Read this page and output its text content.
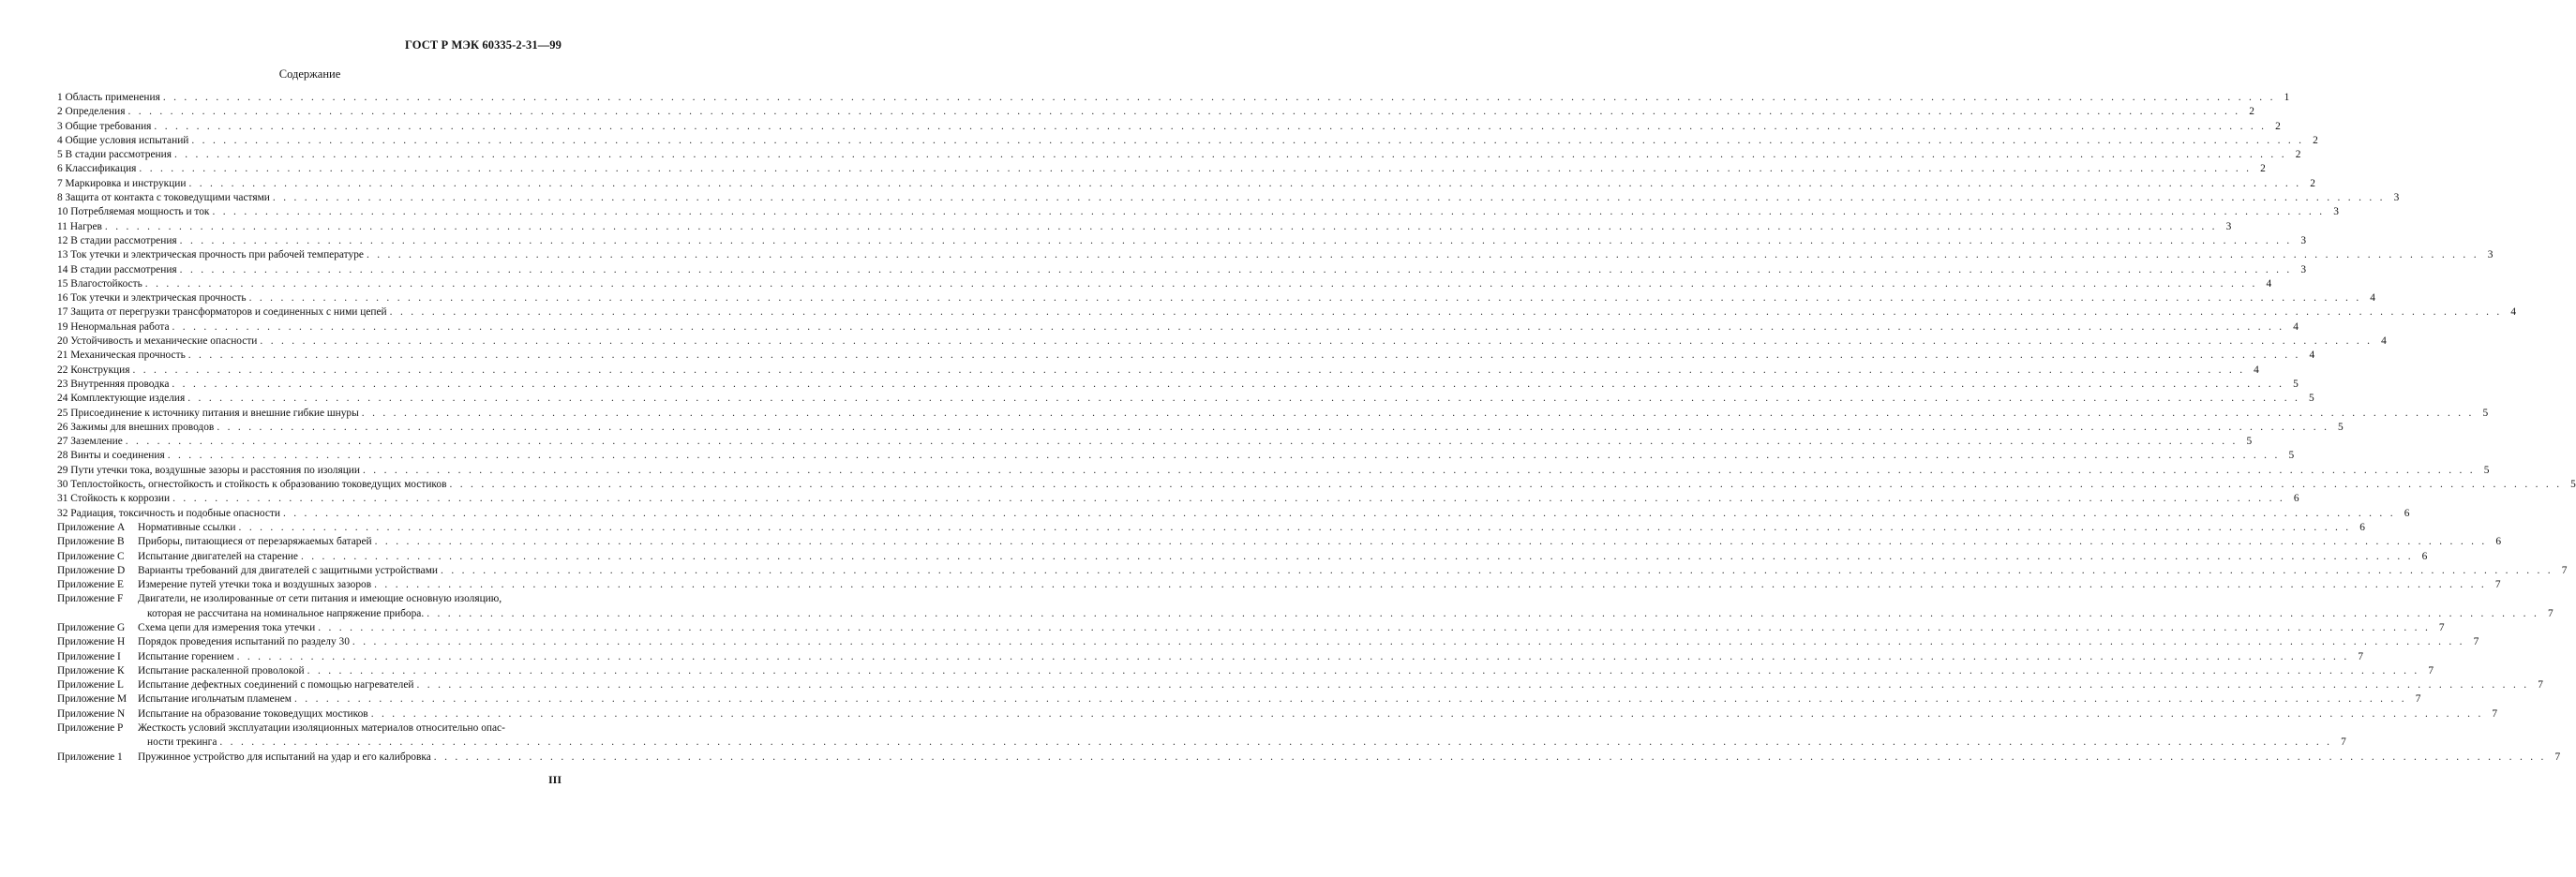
ГОСТ Р МЭК 60335-2-31—99
Содержание
1 Область применения . . . . . . . . . . . . . . . . . . . . . . . . . . . . . . . . . . . . . . . . . . . . . . . . . . . . . . . . . . . . . . . . . . . . . . . . . . . . . . . . . . . . . . . . . . . . . . . . . . . . . . . . . . . . . . . . . . . . . . . . . . . . . . . . . . . . . . . . . . . . . . . . . . . . . . . . . . . . . . . . . . . . . . . . . . . . . . . . . . . . . . . . . . . . . . . . . . . . . . . . 1
2 Определения . . . . . . . . . . . . . . . . . . . . . . . . . . . . . . . . . . . . . . . . . . . . . . . . . . . . . . . . . . . . . . . . . . . . . . . . . . . . . . . . . . . . . . . . . . . . . . . . . . . . . . . . . . . . . . . . . . . . . . . . . . . . . . . . . . . . . . . . . . . . . . . . . . . . . . . . . . . . . . . . . . . . . . . . . . . . . . . . . . . . . . . . . . . . . . . . . . . . . . . . 2
3 Общие требования . . . . . . . . . . . . . . . . . . . . . . . . . . . . . . . . . . . . . . . . . . . . . . . . . . . . . . . . . . . . . . . . . . . . . . . . . . . . . . . . . . . . . . . . . . . . . . . . . . . . . . . . . . . . . . . . . . . . . . . . . . . . . . . . . . . . . . . . . . . . . . . . . . . . . . . . . . . . . . . . . . . . . . . . . . . . . . . . . . . . . . . . . . . . . . . . . . . . . . . . 2
4 Общие условия испытаний . . . . . . . . . . . . . . . . . . . . . . . . . . . . . . . . . . . . . . . . . . . . . . . . . . . . . . . . . . . . . . . . . . . . . . . . . . . . . . . . . . . . . . . . . . . . . . . . . . . . . . . . . . . . . . . . . . . . . . . . . . . . . . . . . . . . . . . . . . . . . . . . . . . . . . . . . . . . . . . . . . . . . . . . . . . . . . . . . . . . . . . . . . . . . . . . . . . . . . . . 2
5 В стадии рассмотрения . . . . . . . . . . . . . . . . . . . . . . . . . . . . . . . . . . . . . . . . . . . . . . . . . . . . . . . . . . . . . . . . . . . . . . . . . . . . . . . . . . . . . . . . . . . . . . . . . . . . . . . . . . . . . . . . . . . . . . . . . . . . . . . . . . . . . . . . . . . . . . . . . . . . . . . . . . . . . . . . . . . . . . . . . . . . . . . . . . . . . . . . . . . . . . . . . . . . . . . . 2
6 Классификация . . . . . . . . . . . . . . . . . . . . . . . . . . . . . . . . . . . . . . . . . . . . . . . . . . . . . . . . . . . . . . . . . . . . . . . . . . . . . . . . . . . . . . . . . . . . . . . . . . . . . . . . . . . . . . . . . . . . . . . . . . . . . . . . . . . . . . . . . . . . . . . . . . . . . . . . . . . . . . . . . . . . . . . . . . . . . . . . . . . . . . . . . . . . . . . . . . . . . . . . 2
7 Маркировка и инструкции . . . . . . . . . . . . . . . . . . . . . . . . . . . . . . . . . . . . . . . . . . . . . . . . . . . . . . . . . . . . . . . . . . . . . . . . . . . . . . . . . . . . . . . . . . . . . . . . . . . . . . . . . . . . . . . . . . . . . . . . . . . . . . . . . . . . . . . . . . . . . . . . . . . . . . . . . . . . . . . . . . . . . . . . . . . . . . . . . . . . . . . . . . . . . . . . . . . . . . . . 2
8 Защита от контакта с токоведущими частями . . . . . . . . . . . . . . . . . . . . . . . . . . . . . . . . . . . . . . . . . . . . . . . . . . . . . . . . . . . . . . . . . . . . . . . . . . . . . . . . . . . . . . . . . . . . . . . . . . . . . . . . . . . . . . . . . . . . . . . . . . . . . . . . . . . . . . . . . . . . . . . . . . . . . . . . . . . . . . . . . . . . . . . . . . . . . . . . . . . . . . . . . . . . . . . . . . . . . . . . 3
10 Потребляемая мощность и ток . . . . . . . . . . . . . . . . . . . . . . . . . . . . . . . . . . . . . . . . . . . . . . . . . . . . . . . . . . . . . . . . . . . . . . . . . . . . . . . . . . . . . . . . . . . . . . . . . . . . . . . . . . . . . . . . . . . . . . . . . . . . . . . . . . . . . . . . . . . . . . . . . . . . . . . . . . . . . . . . . . . . . . . . . . . . . . . . . . . . . . . . . . . . . . . . . . . . . . . . 3
11 Нагрев . . . . . . . . . . . . . . . . . . . . . . . . . . . . . . . . . . . . . . . . . . . . . . . . . . . . . . . . . . . . . . . . . . . . . . . . . . . . . . . . . . . . . . . . . . . . . . . . . . . . . . . . . . . . . . . . . . . . . . . . . . . . . . . . . . . . . . . . . . . . . . . . . . . . . . . . . . . . . . . . . . . . . . . . . . . . . . . . . . . . . . . . . . . . . . . . . . . . . . . . 3
12 В стадии рассмотрения . . . . . . . . . . . . . . . . . . . . . . . . . . . . . . . . . . . . . . . . . . . . . . . . . . . . . . . . . . . . . . . . . . . . . . . . . . . . . . . . . . . . . . . . . . . . . . . . . . . . . . . . . . . . . . . . . . . . . . . . . . . . . . . . . . . . . . . . . . . . . . . . . . . . . . . . . . . . . . . . . . . . . . . . . . . . . . . . . . . . . . . . . . . . . . . . . . . . . . . . 3
13 Ток утечки и электрическая прочность при рабочей температуре . . . . . . . . . . . . . . . . . . . . . . . . . . . . . . . . . . . . . . . . . . . . . . . . . . . . . . . . . . . . . . . . . . . . . . . . . . . . . . . . . . . . . . . . . . . . . . . . . . . . . . . . . . . . . . . . . . . . . . . . . . . . . . . . . . . . . . . . . . . . . . . . . . . . . . . . . . . . . . . . . . . . . . . . . . . . . . . . . . . . . . . . . . . . . . . . . . . . . . . . 3
14 В стадии рассмотрения . . . . . . . . . . . . . . . . . . . . . . . . . . . . . . . . . . . . . . . . . . . . . . . . . . . . . . . . . . . . . . . . . . . . . . . . . . . . . . . . . . . . . . . . . . . . . . . . . . . . . . . . . . . . . . . . . . . . . . . . . . . . . . . . . . . . . . . . . . . . . . . . . . . . . . . . . . . . . . . . . . . . . . . . . . . . . . . . . . . . . . . . . . . . . . . . . . . . . . . . 3
15 Влагостойкость . . . . . . . . . . . . . . . . . . . . . . . . . . . . . . . . . . . . . . . . . . . . . . . . . . . . . . . . . . . . . . . . . . . . . . . . . . . . . . . . . . . . . . . . . . . . . . . . . . . . . . . . . . . . . . . . . . . . . . . . . . . . . . . . . . . . . . . . . . . . . . . . . . . . . . . . . . . . . . . . . . . . . . . . . . . . . . . . . . . . . . . . . . . . . . . . . . . . . . . . 4
16 Ток утечки и электрическая прочность . . . . . . . . . . . . . . . . . . . . . . . . . . . . . . . . . . . . . . . . . . . . . . . . . . . . . . . . . . . . . . . . . . . . . . . . . . . . . . . . . . . . . . . . . . . . . . . . . . . . . . . . . . . . . . . . . . . . . . . . . . . . . . . . . . . . . . . . . . . . . . . . . . . . . . . . . . . . . . . . . . . . . . . . . . . . . . . . . . . . . . . . . . . . . . . . . . . . . . . . 4
17 Защита от перегрузки трансформаторов и соединенных с ними цепей . . . . . . . . . . . . . . . . . . . . . . . . . . . . . . . . . . . . . . . . . . . . . . . . . . . . . . . . . . . . . . . . . . . . . . . . . . . . . . . . . . . . . . . . . . . . . . . . . . . . . . . . . . . . . . . . . . . . . . . . . . . . . . . . . . . . . . . . . . . . . . . . . . . . . . . . . . . . . . . . . . . . . . . . . . . . . . . . . . . . . . . . . . . . . . . . . . . . . . . . 4
19 Ненормальная работа . . . . . . . . . . . . . . . . . . . . . . . . . . . . . . . . . . . . . . . . . . . . . . . . . . . . . . . . . . . . . . . . . . . . . . . . . . . . . . . . . . . . . . . . . . . . . . . . . . . . . . . . . . . . . . . . . . . . . . . . . . . . . . . . . . . . . . . . . . . . . . . . . . . . . . . . . . . . . . . . . . . . . . . . . . . . . . . . . . . . . . . . . . . . . . . . . . . . . . . . 4
20 Устойчивость и механические опасности . . . . . . . . . . . . . . . . . . . . . . . . . . . . . . . . . . . . . . . . . . . . . . . . . . . . . . . . . . . . . . . . . . . . . . . . . . . . . . . . . . . . . . . . . . . . . . . . . . . . . . . . . . . . . . . . . . . . . . . . . . . . . . . . . . . . . . . . . . . . . . . . . . . . . . . . . . . . . . . . . . . . . . . . . . . . . . . . . . . . . . . . . . . . . . . . . . . . . . . . 4
21 Механическая прочность . . . . . . . . . . . . . . . . . . . . . . . . . . . . . . . . . . . . . . . . . . . . . . . . . . . . . . . . . . . . . . . . . . . . . . . . . . . . . . . . . . . . . . . . . . . . . . . . . . . . . . . . . . . . . . . . . . . . . . . . . . . . . . . . . . . . . . . . . . . . . . . . . . . . . . . . . . . . . . . . . . . . . . . . . . . . . . . . . . . . . . . . . . . . . . . . . . . . . . . . 4
22 Конструкция . . . . . . . . . . . . . . . . . . . . . . . . . . . . . . . . . . . . . . . . . . . . . . . . . . . . . . . . . . . . . . . . . . . . . . . . . . . . . . . . . . . . . . . . . . . . . . . . . . . . . . . . . . . . . . . . . . . . . . . . . . . . . . . . . . . . . . . . . . . . . . . . . . . . . . . . . . . . . . . . . . . . . . . . . . . . . . . . . . . . . . . . . . . . . . . . . . . . . . . . 4
23 Внутренняя проводка . . . . . . . . . . . . . . . . . . . . . . . . . . . . . . . . . . . . . . . . . . . . . . . . . . . . . . . . . . . . . . . . . . . . . . . . . . . . . . . . . . . . . . . . . . . . . . . . . . . . . . . . . . . . . . . . . . . . . . . . . . . . . . . . . . . . . . . . . . . . . . . . . . . . . . . . . . . . . . . . . . . . . . . . . . . . . . . . . . . . . . . . . . . . . . . . . . . . . . . . 5
24 Комплектующие изделия . . . . . . . . . . . . . . . . . . . . . . . . . . . . . . . . . . . . . . . . . . . . . . . . . . . . . . . . . . . . . . . . . . . . . . . . . . . . . . . . . . . . . . . . . . . . . . . . . . . . . . . . . . . . . . . . . . . . . . . . . . . . . . . . . . . . . . . . . . . . . . . . . . . . . . . . . . . . . . . . . . . . . . . . . . . . . . . . . . . . . . . . . . . . . . . . . . . . . . . . 5
25 Присоединение к источнику питания и внешние гибкие шнуры . . . . . . . . . . . . . . . . . . . . . . . . . . . . . . . . . . . . . . . . . . . . . . . . . . . . . . . . . . . . . . . . . . . . . . . . . . . . . . . . . . . . . . . . . . . . . . . . . . . . . . . . . . . . . . . . . . . . . . . . . . . . . . . . . . . . . . . . . . . . . . . . . . . . . . . . . . . . . . . . . . . . . . . . . . . . . . . . . . . . . . . . . . . . . . . . . . . . . . . . 5
26 Зажимы для внешних проводов . . . . . . . . . . . . . . . . . . . . . . . . . . . . . . . . . . . . . . . . . . . . . . . . . . . . . . . . . . . . . . . . . . . . . . . . . . . . . . . . . . . . . . . . . . . . . . . . . . . . . . . . . . . . . . . . . . . . . . . . . . . . . . . . . . . . . . . . . . . . . . . . . . . . . . . . . . . . . . . . . . . . . . . . . . . . . . . . . . . . . . . . . . . . . . . . . . . . . . . . 5
27 Заземление . . . . . . . . . . . . . . . . . . . . . . . . . . . . . . . . . . . . . . . . . . . . . . . . . . . . . . . . . . . . . . . . . . . . . . . . . . . . . . . . . . . . . . . . . . . . . . . . . . . . . . . . . . . . . . . . . . . . . . . . . . . . . . . . . . . . . . . . . . . . . . . . . . . . . . . . . . . . . . . . . . . . . . . . . . . . . . . . . . . . . . . . . . . . . . . . . . . . . . . . 5
28 Винты и соединения . . . . . . . . . . . . . . . . . . . . . . . . . . . . . . . . . . . . . . . . . . . . . . . . . . . . . . . . . . . . . . . . . . . . . . . . . . . . . . . . . . . . . . . . . . . . . . . . . . . . . . . . . . . . . . . . . . . . . . . . . . . . . . . . . . . . . . . . . . . . . . . . . . . . . . . . . . . . . . . . . . . . . . . . . . . . . . . . . . . . . . . . . . . . . . . . . . . . . . . . 5
29 Пути утечки тока, воздушные зазоры и расстояния по изоляции . . . . . . . . . . . . . . . . . . . . . . . . . . . . . . . . . . . . . . . . . . . . . . . . . . . . . . . . . . . . . . . . . . . . . . . . . . . . . . . . . . . . . . . . . . . . . . . . . . . . . . . . . . . . . . . . . . . . . . . . . . . . . . . . . . . . . . . . . . . . . . . . . . . . . . . . . . . . . . . . . . . . . . . . . . . . . . . . . . . . . . . . . . . . . . . . . . . . . . . . 5
30 Теплостойкость, огнестойкость и стойкость к образованию токоведущих мостиков . . . . . . . . . . . . . . . . . . . . . . . . . . . . . . . . . . . . . . . . . . . . . . . . . . . . . . . . . . . . . . . . . . . . . . . . . . . . . . . . . . . . . . . . . . . . . . . . . . . . . . . . . . . . . . . . . . . . . . . . . . . . . . . . . . . . . . . . . . . . . . . . . . . . . . . . . . . . . . . . . . . . . . . . . . . . . . . . . . . . . . . . . . . . . . . . . . . . . . . . 5
31 Стойкость к коррозии . . . . . . . . . . . . . . . . . . . . . . . . . . . . . . . . . . . . . . . . . . . . . . . . . . . . . . . . . . . . . . . . . . . . . . . . . . . . . . . . . . . . . . . . . . . . . . . . . . . . . . . . . . . . . . . . . . . . . . . . . . . . . . . . . . . . . . . . . . . . . . . . . . . . . . . . . . . . . . . . . . . . . . . . . . . . . . . . . . . . . . . . . . . . . . . . . . . . . . . . 6
32 Радиация, токсичность и подобные опасности . . . . . . . . . . . . . . . . . . . . . . . . . . . . . . . . . . . . . . . . . . . . . . . . . . . . . . . . . . . . . . . . . . . . . . . . . . . . . . . . . . . . . . . . . . . . . . . . . . . . . . . . . . . . . . . . . . . . . . . . . . . . . . . . . . . . . . . . . . . . . . . . . . . . . . . . . . . . . . . . . . . . . . . . . . . . . . . . . . . . . . . . . . . . . . . . . . . . . . . . 6
Приложение А	Нормативные ссылки . . . . . . . . . . . . . . . . . . . . . . . . . . . . . . . . . . . . . . . . . . . . . . . . . . . . . . . . . . . . . . . . . . . . . . . . . . . . . . . . . . . . . . . . . . . . . . . . . . . . . . . . . . . . . . . . . . . . . . . . . . . . . . . . . . . . . . . . . . . . . . . . . . . . . . . . . . . . . . . . . . . . . . . . . . . . . . . . . . . . . . . . . . . . . . . . . . . . . . . . 6
Приложение В	Приборы, питающиеся от перезаряжаемых батарей . . . . . . . . . . . . . . . . . . . . . . . . . . . . . . . . . . . . . . . . . . . . . . . . . . . . . . . . . . . . . . . . . . . . . . . . . . . . . . . . . . . . . . . . . . . . . . . . . . . . . . . . . . . . . . . . . . . . . . . . . . . . . . . . . . . . . . . . . . . . . . . . . . . . . . . . . . . . . . . . . . . . . . . . . . . . . . . . . . . . . . . . . . . . . . . . . . . . . . . . 6
Приложение С	Испытание двигателей на старение . . . . . . . . . . . . . . . . . . . . . . . . . . . . . . . . . . . . . . . . . . . . . . . . . . . . . . . . . . . . . . . . . . . . . . . . . . . . . . . . . . . . . . . . . . . . . . . . . . . . . . . . . . . . . . . . . . . . . . . . . . . . . . . . . . . . . . . . . . . . . . . . . . . . . . . . . . . . . . . . . . . . . . . . . . . . . . . . . . . . . . . . . . . . . . . . . . . . . . . . 6
Приложение D	Варианты требований для двигателей с защитными устройствами . . . . . . . . . . . . . . . . . . . . . . . . . . . . . . . . . . . . . . . . . . . . . . . . . . . . . . . . . . . . . . . . . . . . . . . . . . . . . . . . . . . . . . . . . . . . . . . . . . . . . . . . . . . . . . . . . . . . . . . . . . . . . . . . . . . . . . . . . . . . . . . . . . . . . . . . . . . . . . . . . . . . . . . . . . . . . . . . . . . . . . . . . . . . . . . . . . . . . . . . 7
Приложение Е	Измерение путей утечки тока и воздушных зазоров . . . . . . . . . . . . . . . . . . . . . . . . . . . . . . . . . . . . . . . . . . . . . . . . . . . . . . . . . . . . . . . . . . . . . . . . . . . . . . . . . . . . . . . . . . . . . . . . . . . . . . . . . . . . . . . . . . . . . . . . . . . . . . . . . . . . . . . . . . . . . . . . . . . . . . . . . . . . . . . . . . . . . . . . . . . . . . . . . . . . . . . . . . . . . . . . . . . . . . . . 7
Приложение F	Двигатели, не изолированные от сети питания и имеющие основную изоляцию,
которая не рассчитана на номинальное напряжение прибора. . . . . . . . . . . . . . . . . . . . . . . . . . . . . . . . . . . . . . . . . . . . . . . . . . . . . . . . . . . . . . . . . . . . . . . . . . . . . . . . . . . . . . . . . . . . . . . . . . . . . . . . . . . . . . . . . . . . . . . . . . . . . . . . . . . . . . . . . . . . . . . . . . . . . . . . . . . . . . . . . . . . . . . . . . . . . . . . . . . . . . . . . . . . . . . . . . . . . . . . . 7
Приложение G	Схема цепи для измерения тока утечки . . . . . . . . . . . . . . . . . . . . . . . . . . . . . . . . . . . . . . . . . . . . . . . . . . . . . . . . . . . . . . . . . . . . . . . . . . . . . . . . . . . . . . . . . . . . . . . . . . . . . . . . . . . . . . . . . . . . . . . . . . . . . . . . . . . . . . . . . . . . . . . . . . . . . . . . . . . . . . . . . . . . . . . . . . . . . . . . . . . . . . . . . . . . . . . . . . . . . . . . 7
Приложение Н	Порядок проведения испытаний по разделу 30 . . . . . . . . . . . . . . . . . . . . . . . . . . . . . . . . . . . . . . . . . . . . . . . . . . . . . . . . . . . . . . . . . . . . . . . . . . . . . . . . . . . . . . . . . . . . . . . . . . . . . . . . . . . . . . . . . . . . . . . . . . . . . . . . . . . . . . . . . . . . . . . . . . . . . . . . . . . . . . . . . . . . . . . . . . . . . . . . . . . . . . . . . . . . . . . . . . . . . . . . 7
Приложение I	Испытание горением . . . . . . . . . . . . . . . . . . . . . . . . . . . . . . . . . . . . . . . . . . . . . . . . . . . . . . . . . . . . . . . . . . . . . . . . . . . . . . . . . . . . . . . . . . . . . . . . . . . . . . . . . . . . . . . . . . . . . . . . . . . . . . . . . . . . . . . . . . . . . . . . . . . . . . . . . . . . . . . . . . . . . . . . . . . . . . . . . . . . . . . . . . . . . . . . . . . . . . . . 7
Приложение К	Испытание раскаленной проволокой . . . . . . . . . . . . . . . . . . . . . . . . . . . . . . . . . . . . . . . . . . . . . . . . . . . . . . . . . . . . . . . . . . . . . . . . . . . . . . . . . . . . . . . . . . . . . . . . . . . . . . . . . . . . . . . . . . . . . . . . . . . . . . . . . . . . . . . . . . . . . . . . . . . . . . . . . . . . . . . . . . . . . . . . . . . . . . . . . . . . . . . . . . . . . . . . . . . . . . . . 7
Приложение L	Испытание дефектных соединений с помощью нагревателей . . . . . . . . . . . . . . . . . . . . . . . . . . . . . . . . . . . . . . . . . . . . . . . . . . . . . . . . . . . . . . . . . . . . . . . . . . . . . . . . . . . . . . . . . . . . . . . . . . . . . . . . . . . . . . . . . . . . . . . . . . . . . . . . . . . . . . . . . . . . . . . . . . . . . . . . . . . . . . . . . . . . . . . . . . . . . . . . . . . . . . . . . . . . . . . . . . . . . . . . 7
Приложение М	Испытание игольчатым пламенем . . . . . . . . . . . . . . . . . . . . . . . . . . . . . . . . . . . . . . . . . . . . . . . . . . . . . . . . . . . . . . . . . . . . . . . . . . . . . . . . . . . . . . . . . . . . . . . . . . . . . . . . . . . . . . . . . . . . . . . . . . . . . . . . . . . . . . . . . . . . . . . . . . . . . . . . . . . . . . . . . . . . . . . . . . . . . . . . . . . . . . . . . . . . . . . . . . . . . . . . 7
Приложение N	Испытание на образование токоведущих мостиков . . . . . . . . . . . . . . . . . . . . . . . . . . . . . . . . . . . . . . . . . . . . . . . . . . . . . . . . . . . . . . . . . . . . . . . . . . . . . . . . . . . . . . . . . . . . . . . . . . . . . . . . . . . . . . . . . . . . . . . . . . . . . . . . . . . . . . . . . . . . . . . . . . . . . . . . . . . . . . . . . . . . . . . . . . . . . . . . . . . . . . . . . . . . . . . . . . . . . . . . 7
Приложение Р	Жесткость условий эксплуатации изоляционных материалов относительно опас-
ности трекинга . . . . . . . . . . . . . . . . . . . . . . . . . . . . . . . . . . . . . . . . . . . . . . . . . . . . . . . . . . . . . . . . . . . . . . . . . . . . . . . . . . . . . . . . . . . . . . . . . . . . . . . . . . . . . . . . . . . . . . . . . . . . . . . . . . . . . . . . . . . . . . . . . . . . . . . . . . . . . . . . . . . . . . . . . . . . . . . . . . . . . . . . . . . . . . . . . . . . . . . . 7
Приложение 1	Пружинное устройство для испытаний на удар и его калибровка . . . . . . . . . . . . . . . . . . . . . . . . . . . . . . . . . . . . . . . . . . . . . . . . . . . . . . . . . . . . . . . . . . . . . . . . . . . . . . . . . . . . . . . . . . . . . . . . . . . . . . . . . . . . . . . . . . . . . . . . . . . . . . . . . . . . . . . . . . . . . . . . . . . . . . . . . . . . . . . . . . . . . . . . . . . . . . . . . . . . . . . . . . . . . . . . . . . . . . . . 7
III
